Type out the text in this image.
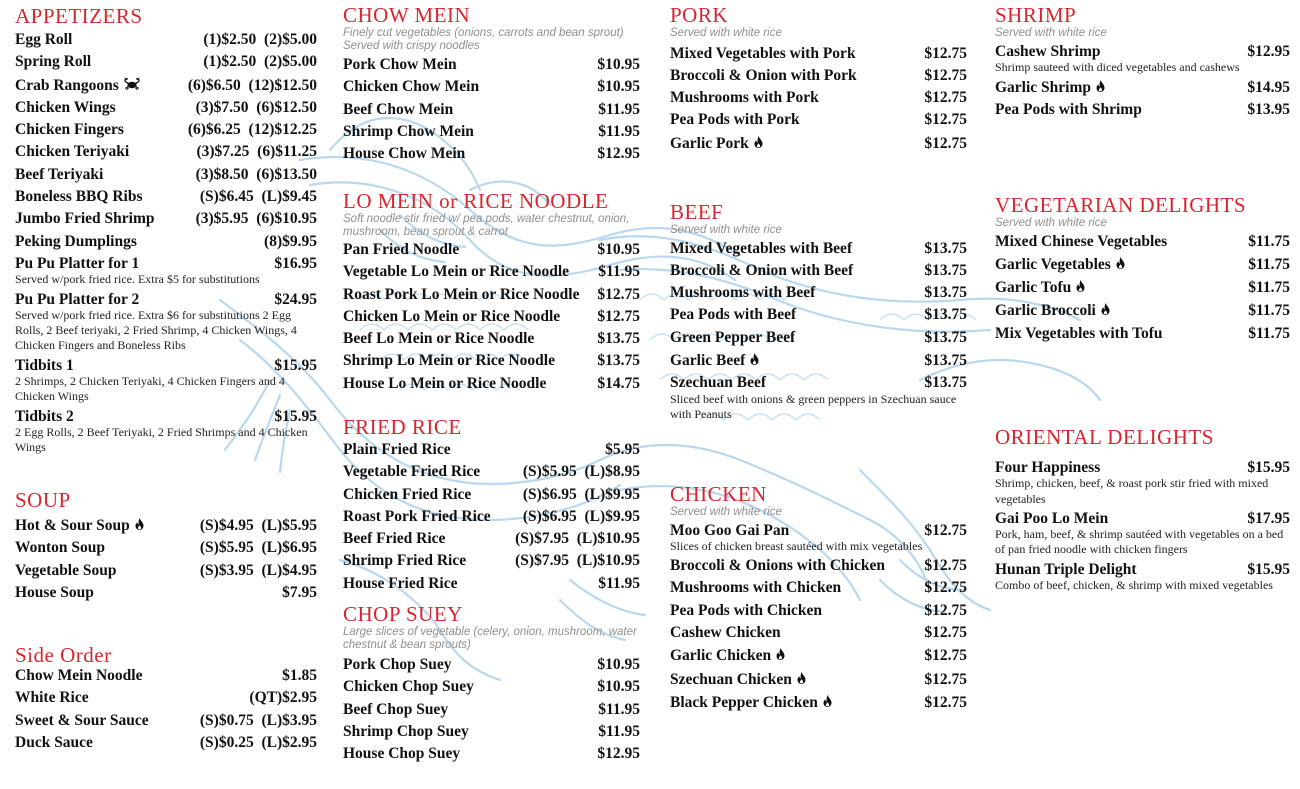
APPETIZERS
Egg Roll	(1)$2.50  (2)$5.00
Spring Roll	(1)$2.50  (2)$5.00
Crab Rangoons	(6)$6.50  (12)$12.50
Chicken Wings	(3)$7.50  (6)$12.50
Chicken Fingers	(6)$6.25  (12)$12.25
Chicken Teriyaki	(3)$7.25  (6)$11.25
Beef Teriyaki	(3)$8.50  (6)$13.50
Boneless BBQ Ribs	(S)$6.45  (L)$9.45
Jumbo Fried Shrimp	(3)$5.95  (6)$10.95
Peking Dumplings	(8)$9.95
Pu Pu Platter for 1	$16.95
Served w/pork fried rice. Extra $5 for substitutions
Pu Pu Platter for 2	$24.95
Served w/pork fried rice. Extra $6 for substitutions 2 Egg Rolls, 2 Beef teriyaki, 2 Fried Shrimp, 4 Chicken Wings, 4 Chicken Fingers and Boneless Ribs
Tidbits 1	$15.95
2 Shrimps, 2 Chicken Teriyaki, 4 Chicken Fingers and 4 Chicken Wings
Tidbits 2	$15.95
2 Egg Rolls, 2 Beef Teriyaki, 2 Fried Shrimps and 4 Chicken Wings
SOUP
Hot & Sour Soup	(S)$4.95  (L)$5.95
Wonton Soup	(S)$5.95  (L)$6.95
Vegetable Soup	(S)$3.95  (L)$4.95
House Soup	$7.95
Side Order
Chow Mein Noodle	$1.85
White Rice	(QT)$2.95
Sweet & Sour Sauce	(S)$0.75  (L)$3.95
Duck Sauce	(S)$0.25  (L)$2.95
CHOW MEIN
Finely cut vegetables (onions, carrots and bean sprout) Served with crispy noodles
Pork Chow Mein	$10.95
Chicken Chow Mein	$10.95
Beef Chow Mein	$11.95
Shrimp Chow Mein	$11.95
House Chow Mein	$12.95
LO MEIN or RICE NOODLE
Soft noodle stir fried w/ pea pods, water chestnut, onion, mushroom, bean sprout & carrot
Pan Fried Noodle	$10.95
Vegetable Lo Mein or Rice Noodle	$11.95
Roast Pork Lo Mein or Rice Noodle	$12.75
Chicken Lo Mein or Rice Noodle	$12.75
Beef Lo Mein or Rice Noodle	$13.75
Shrimp Lo Mein or Rice Noodle	$13.75
House Lo Mein or Rice Noodle	$14.75
FRIED RICE
Plain Fried Rice	$5.95
Vegetable Fried Rice	(S)$5.95  (L)$8.95
Chicken Fried Rice	(S)$6.95  (L)$9.95
Roast Pork Fried Rice	(S)$6.95  (L)$9.95
Beef Fried Rice	(S)$7.95  (L)$10.95
Shrimp Fried Rice	(S)$7.95  (L)$10.95
House Fried Rice	$11.95
CHOP SUEY
Large slices of vegetable (celery, onion, mushroom, water chestnut & bean sprouts)
Pork Chop Suey	$10.95
Chicken Chop Suey	$10.95
Beef Chop Suey	$11.95
Shrimp Chop Suey	$11.95
House Chop Suey	$12.95
PORK
Served with white rice
Mixed Vegetables with Pork	$12.75
Broccoli & Onion with Pork	$12.75
Mushrooms with Pork	$12.75
Pea Pods with Pork	$12.75
Garlic Pork	$12.75
BEEF
Served with white rice
Mixed Vegetables with Beef	$13.75
Broccoli & Onion with Beef	$13.75
Mushrooms with Beef	$13.75
Pea Pods with Beef	$13.75
Green Pepper Beef	$13.75
Garlic Beef	$13.75
Szechuan Beef	$13.75
Sliced beef with onions & green peppers in Szechuan sauce with Peanuts
CHICKEN
Served with white rice
Moo Goo Gai Pan	$12.75
Slices of chicken breast sautéed with mix vegetables
Broccoli & Onions with Chicken	$12.75
Mushrooms with Chicken	$12.75
Pea Pods with Chicken	$12.75
Cashew Chicken	$12.75
Garlic Chicken	$12.75
Szechuan Chicken	$12.75
Black Pepper Chicken	$12.75
SHRIMP
Served with white rice
Cashew Shrimp	$12.95
Shrimp sauteed with diced vegetables and cashews
Garlic Shrimp	$14.95
Pea Pods with Shrimp	$13.95
VEGETARIAN DELIGHTS
Served with white rice
Mixed Chinese Vegetables	$11.75
Garlic Vegetables	$11.75
Garlic Tofu	$11.75
Garlic Broccoli	$11.75
Mix Vegetables with Tofu	$11.75
ORIENTAL DELIGHTS
Four Happiness	$15.95
Shrimp, chicken, beef, & roast pork stir fried with mixed vegetables
Gai Poo Lo Mein	$17.95
Pork, ham, beef, & shrimp sautéed with vegetables on a bed of pan fried noodle with chicken fingers
Hunan Triple Delight	$15.95
Combo of beef, chicken, & shrimp with mixed vegetables
